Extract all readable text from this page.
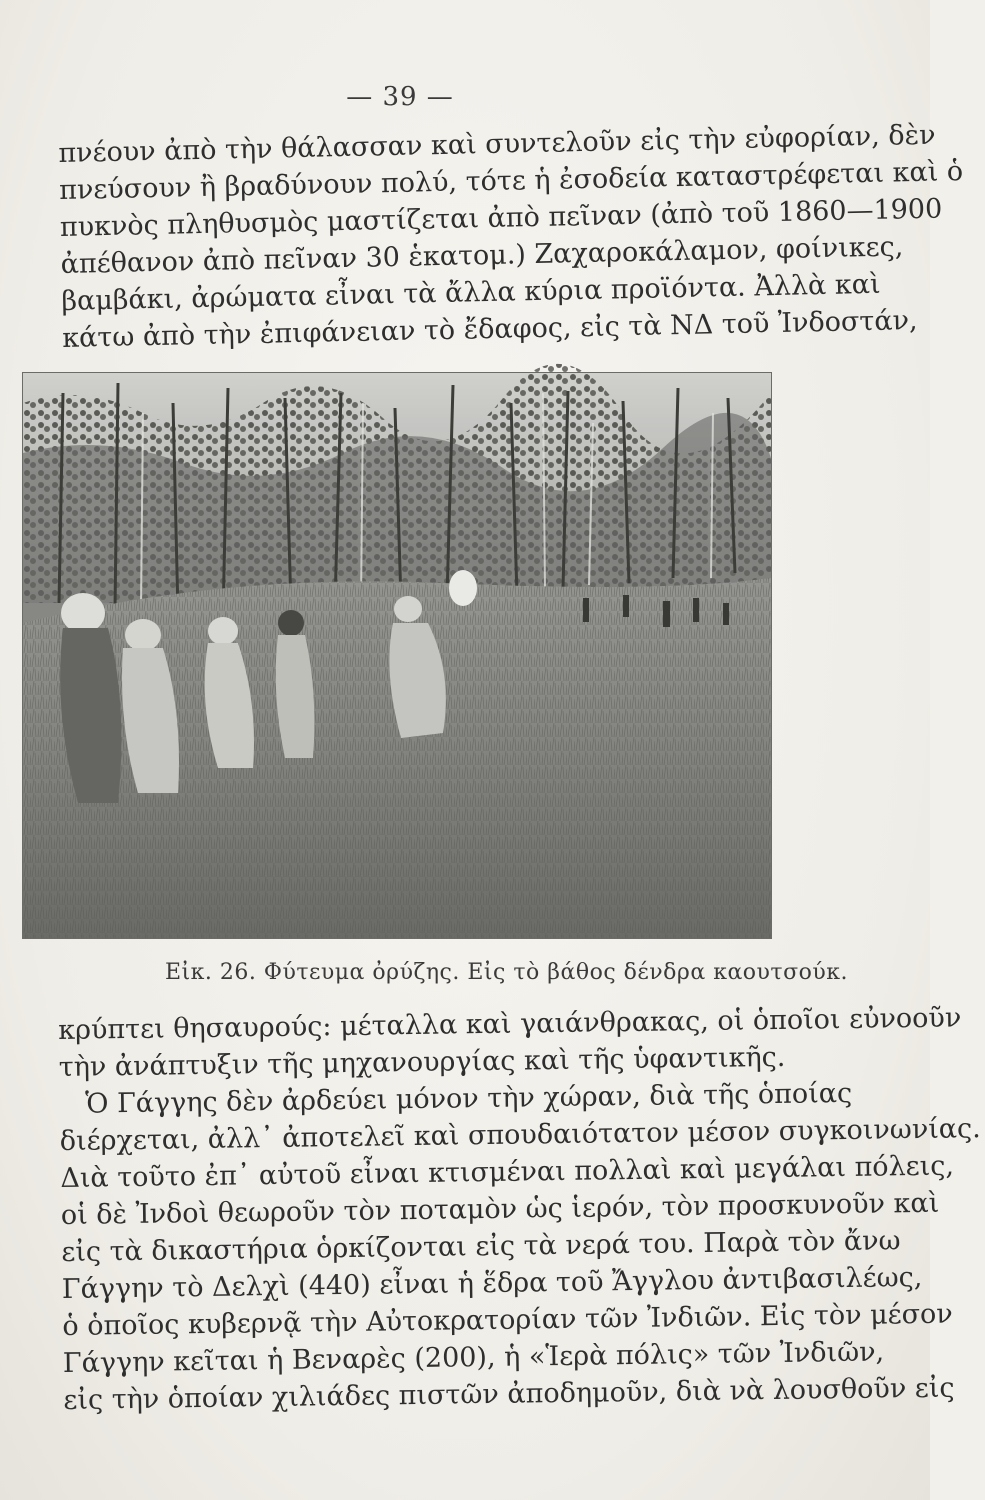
— 39 —
πνέουν ἀπὸ τὴν θάλασσαν καὶ συντελοῦν εἰς τὴν εὐφορίαν, δὲν
πνεύσουν ἢ βραδύνουν πολύ, τότε ἡ ἐσοδεία καταστρέφεται καὶ ὁ
πυκνὸς πληθυσμὸς μαστίζεται ἀπὸ πεῖναν (ἀπὸ τοῦ 1860—1900
ἀπέθανον ἀπὸ πεῖναν 30 ἑκατομ.) Ζαχαροκάλαμον, φοίνικες,
βαμβάκι, ἀρώματα εἶναι τὰ ἄλλα κύρια προϊόντα. Ἀλλὰ καὶ
κάτω ἀπὸ τὴν ἐπιφάνειαν τὸ ἔδαφος, εἰς τὰ ΝΔ τοῦ Ἰνδοστάν,
Εἰκ. 26. Φύτευμα ὀρύζης. Εἰς τὸ βάθος δένδρα καουτσούκ.
κρύπτει θησαυρούς: μέταλλα καὶ γαιάνθρακας, οἱ ὁποῖοι εὐνοοῦν
τὴν ἀνάπτυξιν τῆς μηχανουργίας καὶ τῆς ὑφαντικῆς.
Ὁ Γάγγης δὲν ἀρδεύει μόνον τὴν χώραν, διὰ τῆς ὁποίας
διέρχεται, ἀλλ᾽ ἀποτελεῖ καὶ σπουδαιότατον μέσον συγκοινωνίας.
Διὰ τοῦτο ἐπ᾽ αὐτοῦ εἶναι κτισμέναι πολλαὶ καὶ μεγάλαι πόλεις,
οἱ δὲ Ἰνδοὶ θεωροῦν τὸν ποταμὸν ὡς ἱερόν, τὸν προσκυνοῦν καὶ
εἰς τὰ δικαστήρια ὁρκίζονται εἰς τὰ νερά του. Παρὰ τὸν ἄνω
Γάγγην τὸ Δελχὶ (440) εἶναι ἡ ἕδρα τοῦ Ἄγγλου ἀντιβασιλέως,
ὁ ὁποῖος κυβερνᾷ τὴν Αὐτοκρατορίαν τῶν Ἰνδιῶν. Εἰς τὸν μέσον
Γάγγην κεῖται ἡ Βεναρὲς (200), ἡ «Ἱερὰ πόλις» τῶν Ἰνδιῶν,
εἰς τὴν ὁποίαν χιλιάδες πιστῶν ἀποδημοῦν, διὰ νὰ λουσθοῦν εἰς
